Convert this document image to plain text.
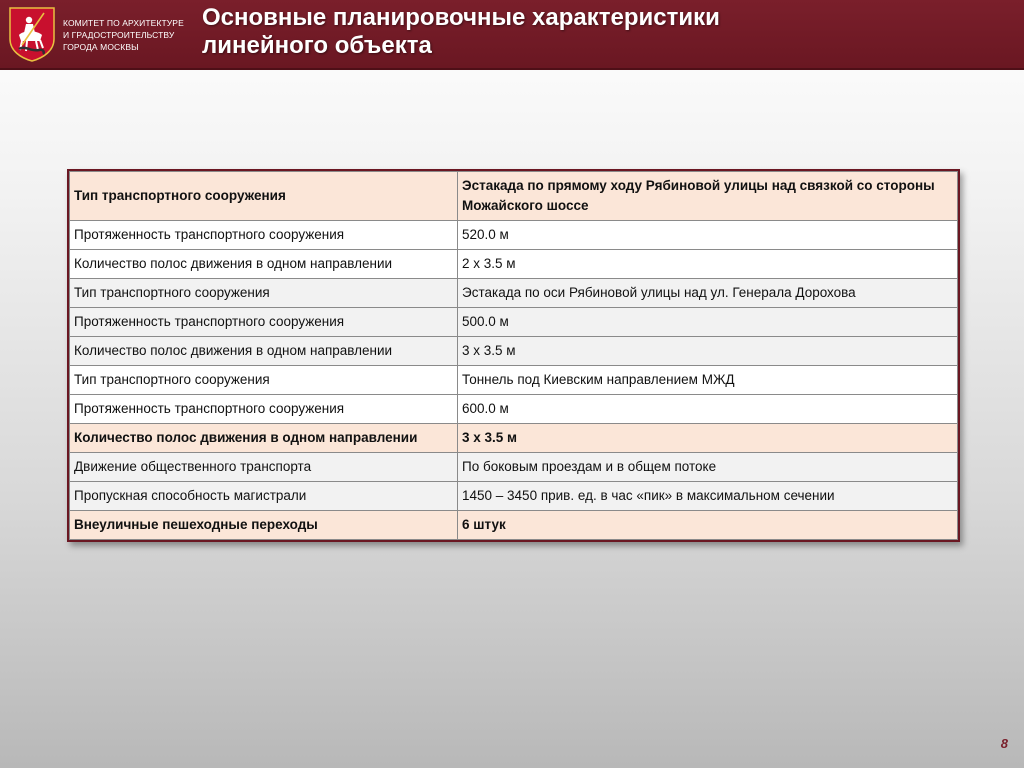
КОМИТЕТ ПО АРХИТЕКТУРЕ
И ГРАДОСТРОИТЕЛЬСТВУ
ГОРОДА МОСКВЫ
Основные планировочные характеристики
линейного объекта
Тип транспортного сооружения	Эстакада по прямому ходу Рябиновой улицы над связкой со стороны Можайского шоссе
Протяженность транспортного сооружения	520.0 м
Количество полос движения в одном направлении	2 х 3.5 м
Тип транспортного сооружения	Эстакада по оси Рябиновой улицы над ул. Генерала Дорохова
Протяженность транспортного сооружения	500.0 м
Количество полос движения в одном направлении	3 х 3.5 м
Тип транспортного сооружения	Тоннель под Киевским направлением МЖД
Протяженность транспортного сооружения	600.0 м
Количество полос движения в одном направлении	3 х 3.5 м
Движение общественного транспорта	По боковым проездам и в общем потоке
Пропускная способность магистрали	1450 – 3450 прив. ед. в час «пик» в максимальном сечении
Внеуличные пешеходные переходы	6 штук
8
